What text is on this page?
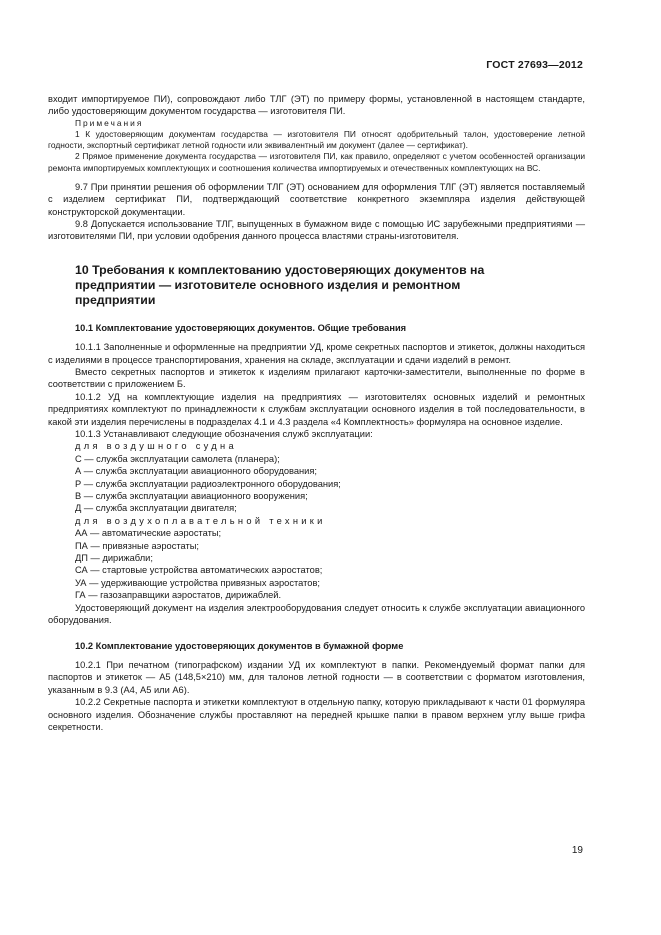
ГОСТ 27693—2012

входит импортируемое ПИ), сопровождают либо ТЛГ (ЭТ) по примеру формы, установленной в настоящем стандарте, либо удостоверяющим документом государства — изготовителя ПИ.

Примечания

1 К удостоверяющим документам государства — изготовителя ПИ относят одобрительный талон, удостоверение летной годности, экспортный сертификат летной годности или эквивалентный им документ (далее — сертификат).

2 Прямое применение документа государства — изготовителя ПИ, как правило, определяют с учетом особенностей организации ремонта импортируемых комплектующих и соотношения количества импортируемых и отечественных комплектующих на ВС.

9.7 При принятии решения об оформлении ТЛГ (ЭТ) основанием для оформления ТЛГ (ЭТ) является поставляемый с изделием сертификат ПИ, подтверждающий соответствие конкретного экземпляра изделия действующей конструкторской документации.

9.8 Допускается использование ТЛГ, выпущенных в бумажном виде с помощью ИС зарубежными предприятиями — изготовителями ПИ, при условии одобрения данного процесса властями страны-изготовителя.

10 Требования к комплектованию удостоверяющих документов на предприятии — изготовителе основного изделия и ремонтном предприятии

10.1 Комплектование удостоверяющих документов. Общие требования

10.1.1 Заполненные и оформленные на предприятии УД, кроме секретных паспортов и этикеток, должны находиться с изделиями в процессе транспортирования, хранения на складе, эксплуатации и сдачи изделий в ремонт.

Вместо секретных паспортов и этикеток к изделиям прилагают карточки-заместители, выполненные по форме в соответствии с приложением Б.

10.1.2 УД на комплектующие изделия на предприятиях — изготовителях основных изделий и ремонтных предприятиях комплектуют по принадлежности к службам эксплуатации основного изделия в той последовательности, в какой эти изделия перечислены в подразделах 4.1 и 4.3 раздела «4 Комплектность» формуляра на основное изделие.

10.1.3 Устанавливают следующие обозначения служб эксплуатации:

для воздушного судна

С — служба эксплуатации самолета (планера);

А — служба эксплуатации авиационного оборудования;

Р — служба эксплуатации радиоэлектронного оборудования;

В — служба эксплуатации авиационного вооружения;

Д — служба эксплуатации двигателя;

для воздухоплавательной техники

АА — автоматические аэростаты;

ПА — привязные аэростаты;

ДП — дирижабли;

СА — стартовые устройства автоматических аэростатов;

УА — удерживающие устройства привязных аэростатов;

ГА — газозаправщики аэростатов, дирижаблей.

Удостоверяющий документ на изделия электрооборудования следует относить к службе эксплуатации авиационного оборудования.

10.2 Комплектование удостоверяющих документов в бумажной форме

10.2.1 При печатном (типографском) издании УД их комплектуют в папки. Рекомендуемый формат папки для паспортов и этикеток — А5 (148,5×210) мм, для талонов летной годности — в соответствии с форматом изготовления, указанным в 9.3 (А4, А5 или А6).

10.2.2 Секретные паспорта и этикетки комплектуют в отдельную папку, которую прикладывают к части 01 формуляра основного изделия. Обозначение службы проставляют на передней крышке папки в правом верхнем углу выше грифа секретности.

19
